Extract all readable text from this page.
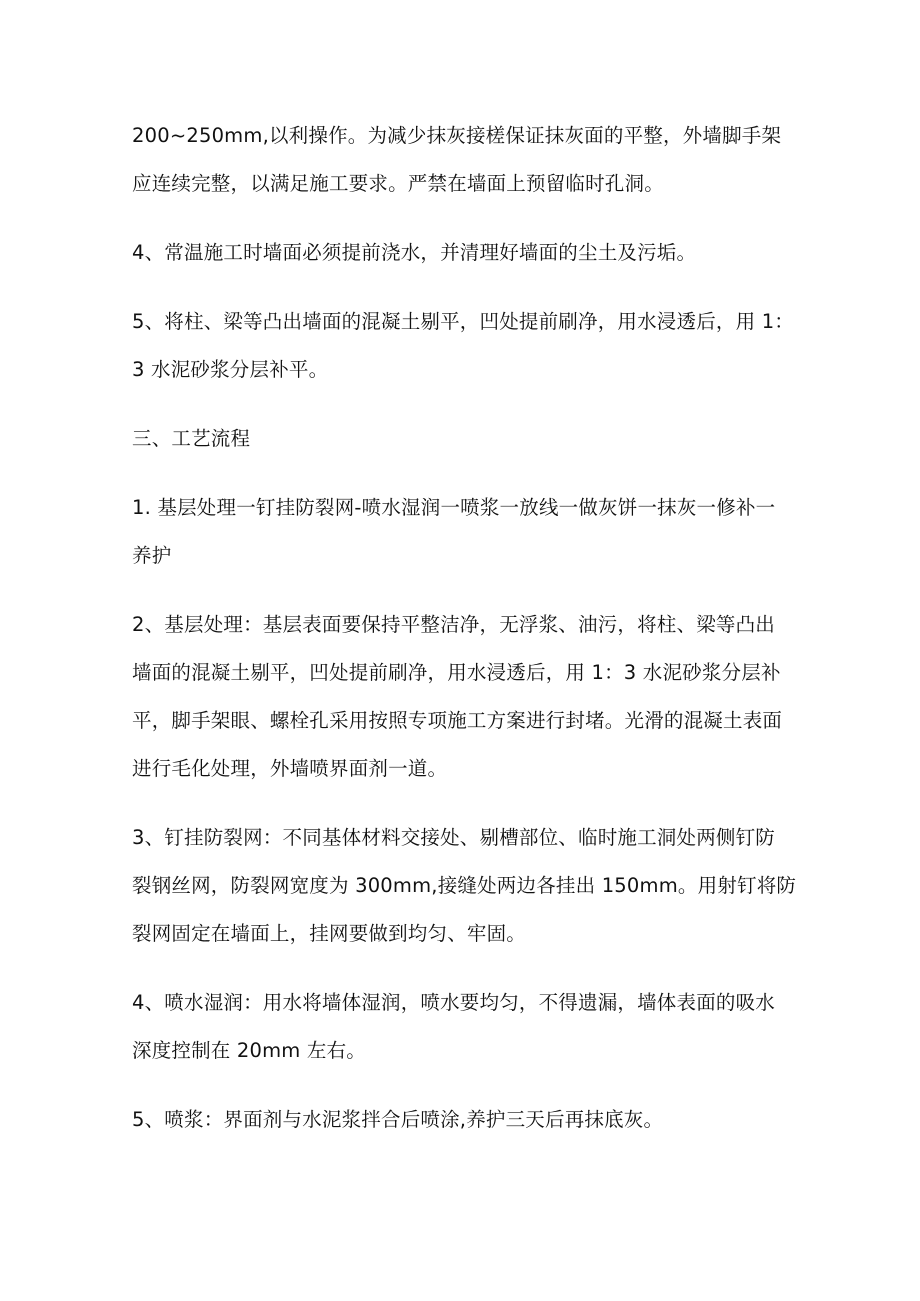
200~250mm,以利操作。为减少抹灰接槎保证抹灰面的平整，外墙脚手架
应连续完整，以满足施工要求。严禁在墙面上预留临时孔洞。

4、常温施工时墙面必须提前浇水，并清理好墙面的尘土及污垢。

5、将柱、梁等凸出墙面的混凝土剔平，凹处提前刷净，用水浸透后，用 1：
3 水泥砂浆分层补平。

三、工艺流程

1. 基层处理一钉挂防裂网-喷水湿润一喷浆一放线一做灰饼一抹灰一修补一
养护

2、基层处理：基层表面要保持平整洁净，无浮浆、油污，将柱、梁等凸出
墙面的混凝土剔平，凹处提前刷净，用水浸透后，用 1：3 水泥砂浆分层补
平，脚手架眼、螺栓孔采用按照专项施工方案进行封堵。光滑的混凝土表面
进行毛化处理，外墙喷界面剂一道。

3、钉挂防裂网：不同基体材料交接处、剔槽部位、临时施工洞处两侧钉防
裂钢丝网，防裂网宽度为 300mm,接缝处两边各挂出 150mm。用射钉将防
裂网固定在墙面上，挂网要做到均匀、牢固。

4、喷水湿润：用水将墙体湿润，喷水要均匀，不得遗漏，墙体表面的吸水
深度控制在 20mm 左右。

5、喷浆：界面剂与水泥浆拌合后喷涂,养护三天后再抹底灰。
